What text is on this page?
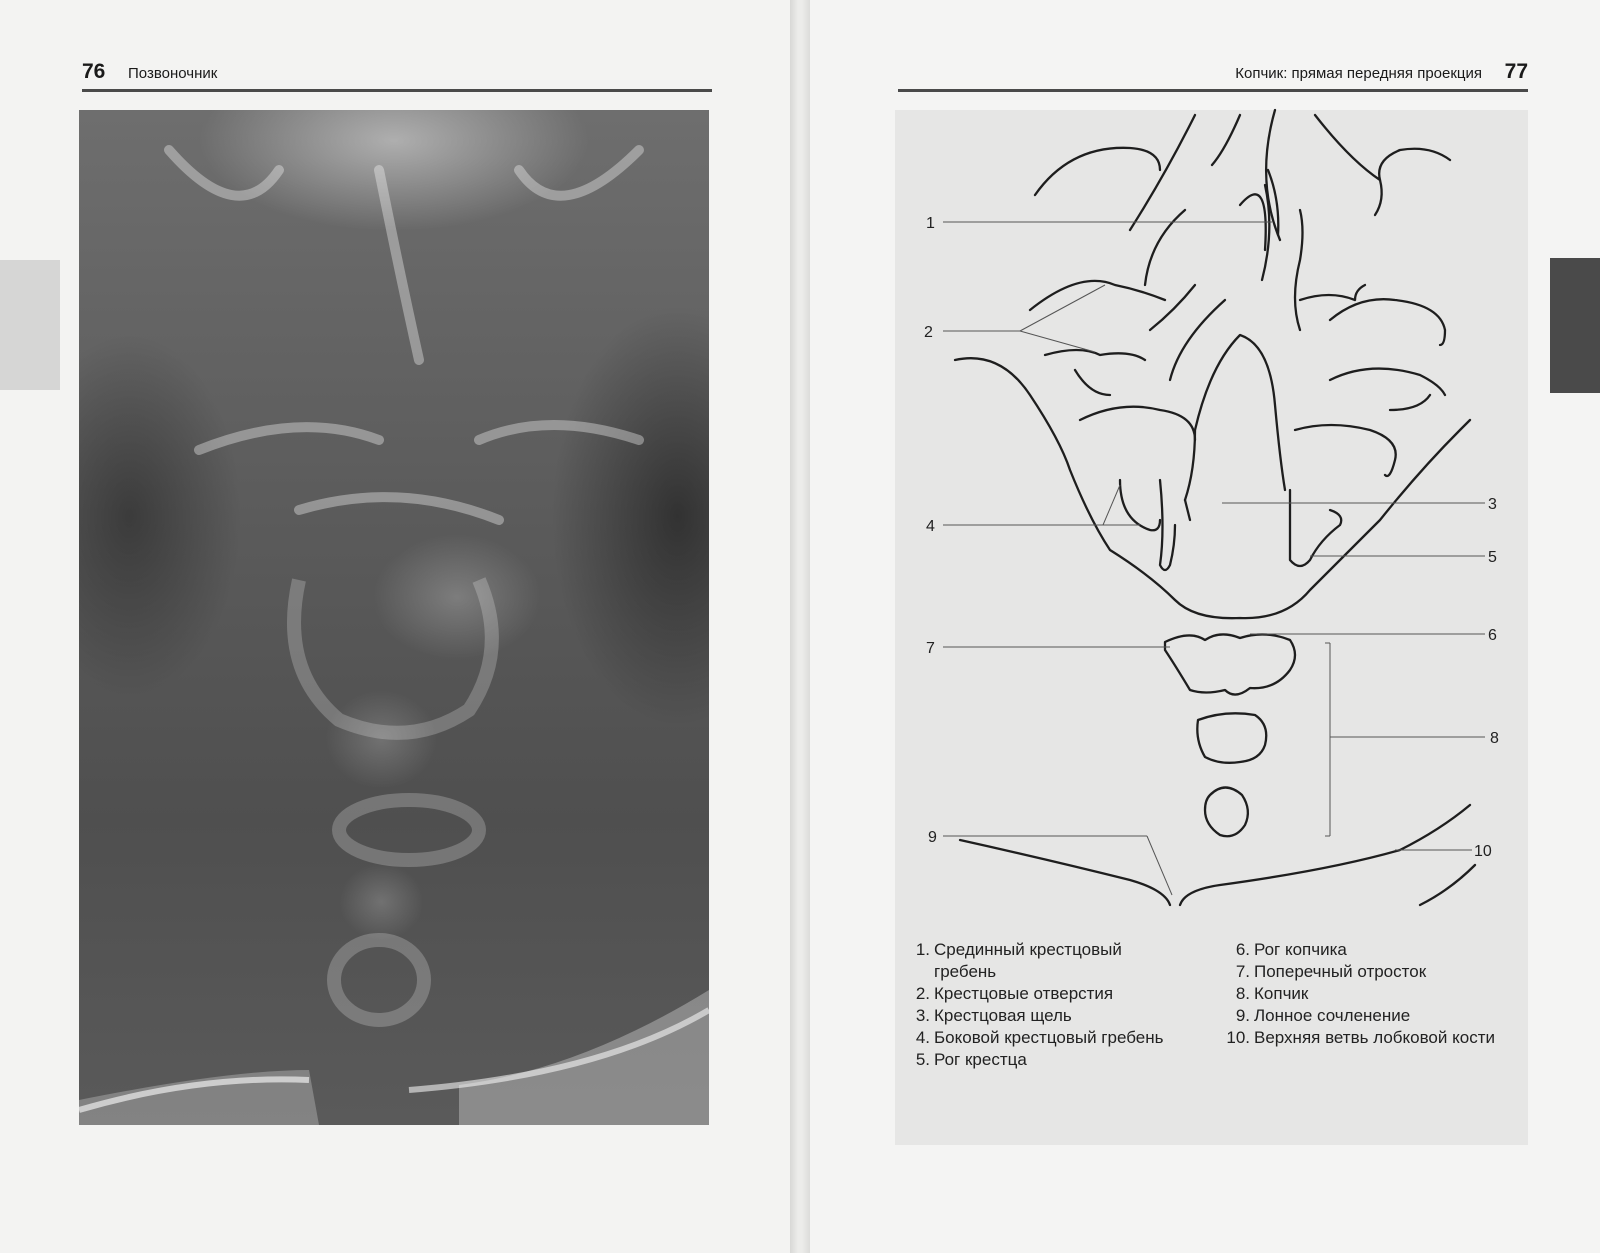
76 Позвоночник	Копчик: прямая передняя проекция 77
1
2
3
4
5
6
7
8
9
10
1. Срединный крестцовый гребень
2. Крестцовые отверстия
3. Крестцовая щель
4. Боковой крестцовый гребень
5. Рог крестца
6. Рог копчика
7. Поперечный отросток
8. Копчик
9. Лонное сочленение
10. Верхняя ветвь лобковой кости
